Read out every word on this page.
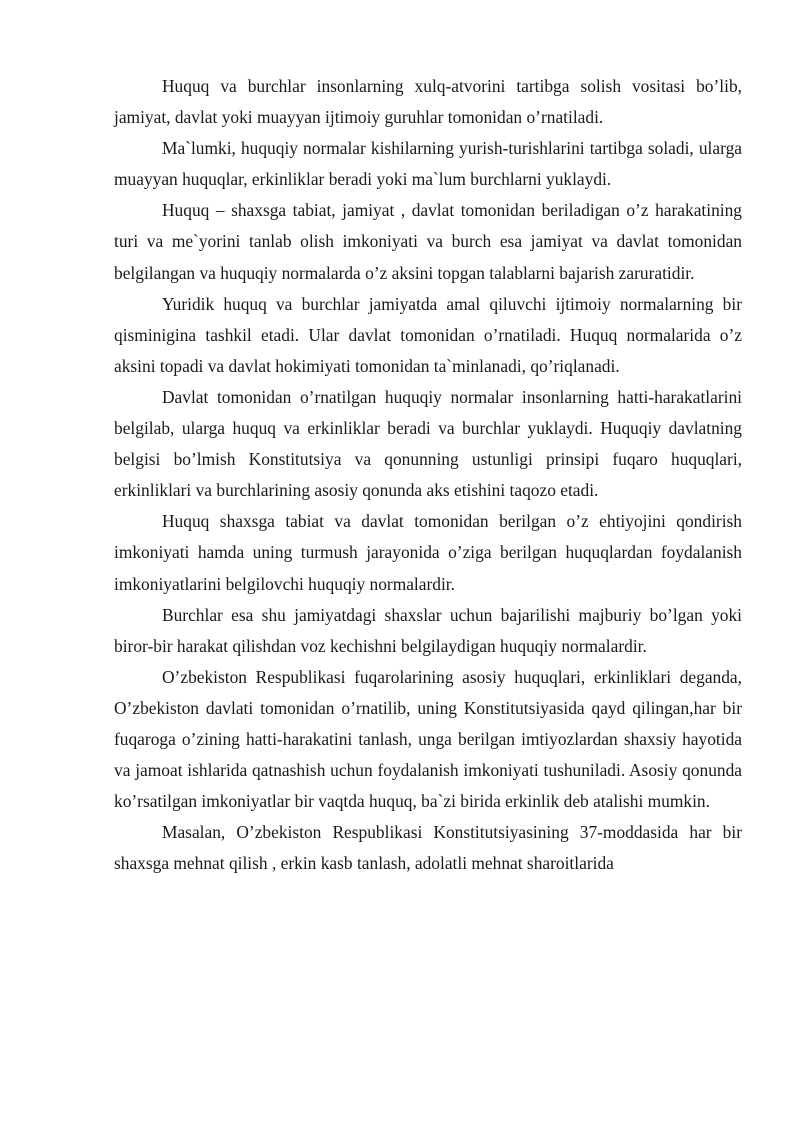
Huquq va burchlar insonlarning xulq-atvorini tartibga solish vositasi bo’lib, jamiyat, davlat yoki muayyan ijtimoiy guruhlar tomonidan o’rnatiladi.

Ma`lumki, huquqiy normalar kishilarning yurish-turishlarini tartibga soladi, ularga muayyan huquqlar, erkinliklar beradi yoki ma`lum burchlarni yuklaydi.

Huquq – shaxsga tabiat, jamiyat , davlat tomonidan beriladigan o’z harakatining turi va me`yorini tanlab olish imkoniyati va burch esa jamiyat va davlat tomonidan belgilangan va huquqiy normalarda o’z aksini topgan talablarni bajarish zaruratidir.

Yuridik huquq va burchlar jamiyatda amal qiluvchi ijtimoiy normalarning bir qisminigina tashkil etadi. Ular davlat tomonidan o’rnatiladi. Huquq normalarida o’z aksini topadi va davlat hokimiyati tomonidan ta`minlanadi, qo’riqlanadi.

Davlat tomonidan o’rnatilgan huquqiy normalar insonlarning hatti-harakatlarini belgilab, ularga huquq va erkinliklar beradi va burchlar yuklaydi. Huquqiy davlatning belgisi bo’lmish Konstitutsiya va qonunning ustunligi prinsipi fuqaro huquqlari, erkinliklari va burchlarining asosiy qonunda aks etishini taqozo etadi.

Huquq shaxsga tabiat va davlat tomonidan berilgan o’z ehtiyojini qondirish imkoniyati hamda uning turmush jarayonida o’ziga berilgan huquqlardan foydalanish imkoniyatlarini belgilovchi huquqiy normalardir.

Burchlar esa shu jamiyatdagi shaxslar uchun bajarilishi majburiy bo’lgan yoki biror-bir harakat qilishdan voz kechishni belgilaydigan huquqiy normalardir.

O’zbekiston Respublikasi fuqarolarining asosiy huquqlari, erkinliklari deganda, O’zbekiston davlati tomonidan o’rnatilib, uning Konstitutsiyasida qayd qilingan,har bir fuqaroga o’zining hatti-harakatini tanlash, unga berilgan imtiyozlardan shaxsiy hayotida va jamoat ishlarida qatnashish uchun foydalanish imkoniyati tushuniladi. Asosiy qonunda ko’rsatilgan imkoniyatlar bir vaqtda huquq, ba`zi birida erkinlik deb atalishi mumkin.

Masalan, O’zbekiston Respublikasi Konstitutsiyasining 37-moddasida har bir shaxsga mehnat qilish , erkin kasb tanlash, adolatli mehnat sharoitlarida
